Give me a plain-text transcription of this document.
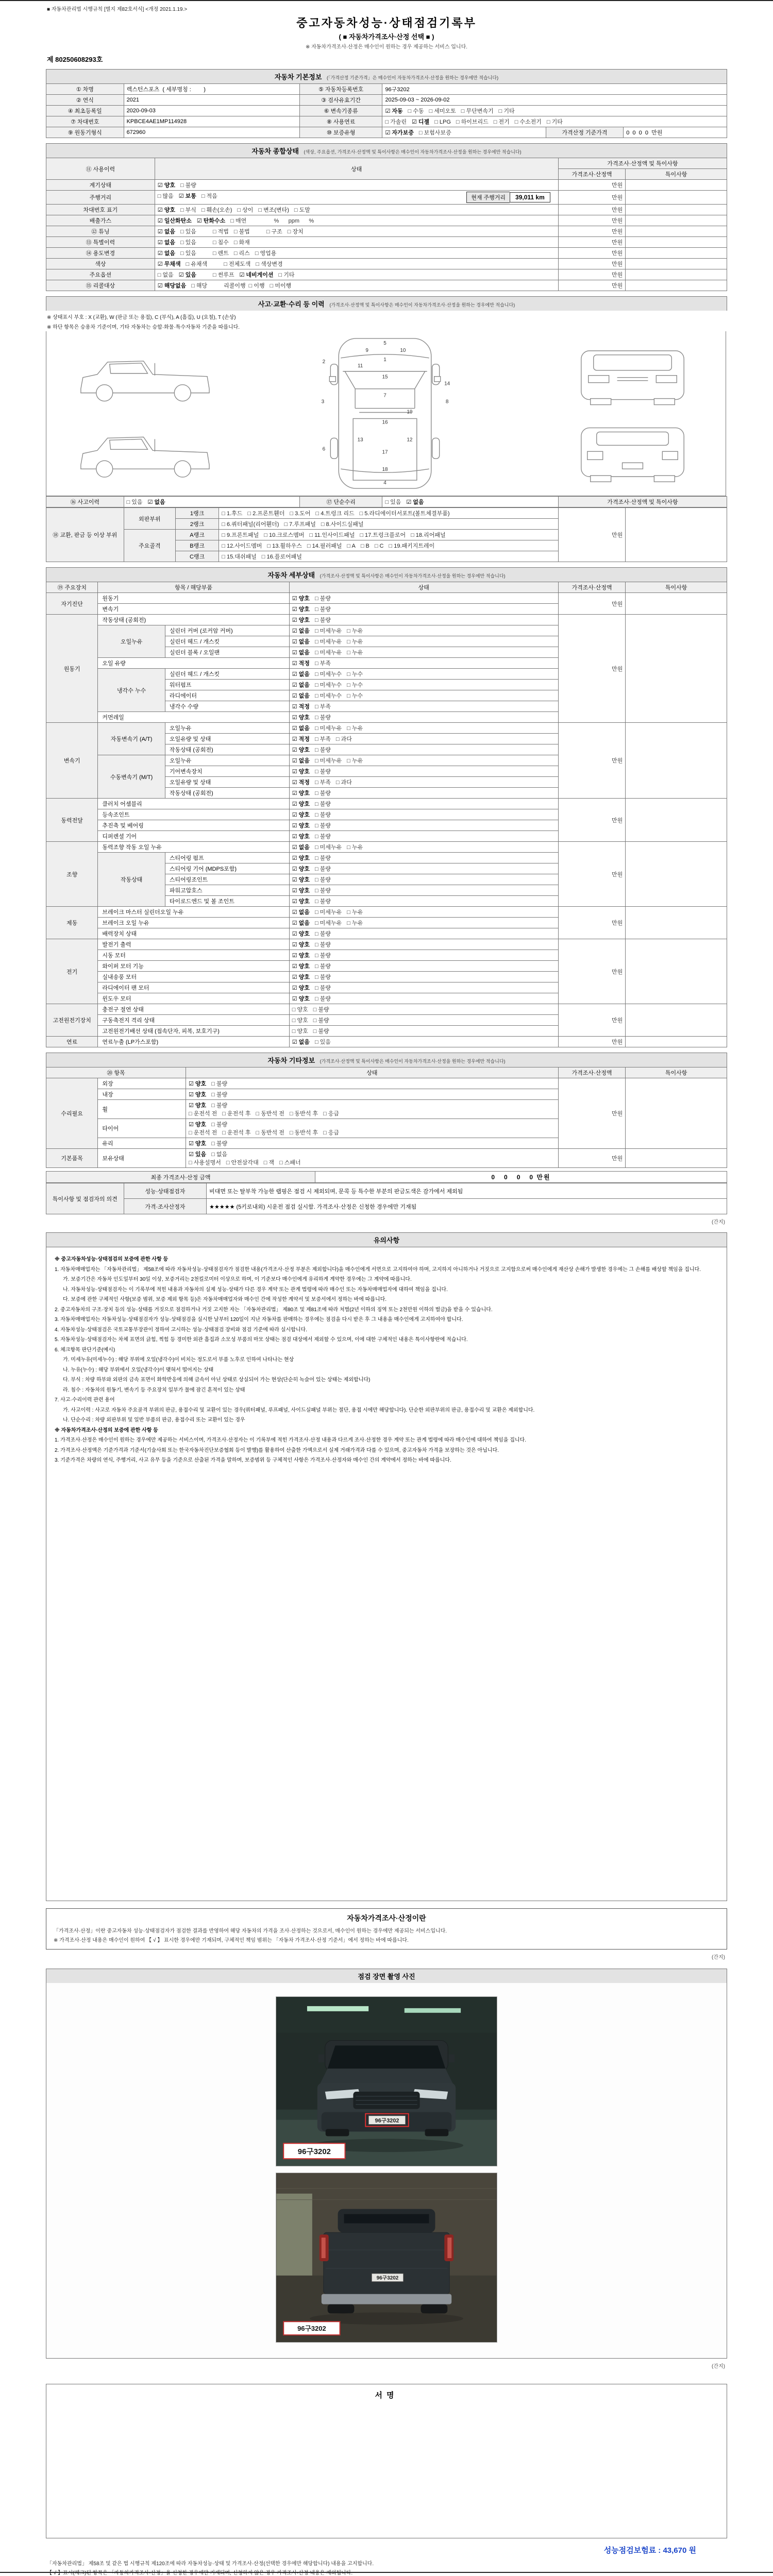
■ 자동차관리법 시행규칙 [별지 제82호서식] <개정 2021.1.19.>
중고자동차성능·상태점검기록부
( ■ 자동차가격조사·산정 선택 ■ )
※ 자동차가격조사·산정은 매수인이 원하는 경우 제공하는 서비스 입니다.
제 80250608293호
자동차 기본정보 (「가격산정 기준가격」은 매수인이 자동차가격조사·산정을 원하는 경우에만 적습니다)
① 차명	렉스턴스포츠  ( 세부명칭 :        )	⑤ 자동차등록번호	96구3202		
② 연식	2021	③ 검사유효기간	2025-09-03 ~ 2026-09-02		
④ 최초등록일	2020-09-03	⑥ 변속기종류	☑ 자동 □ 수동 □ 세미오토 □ 무단변속기 □ 기타		
⑦ 차대번호	KPBCE4AE1MP114928	⑧ 사용연료	□ 가솔린 ☑ 디젤 □ LPG □ 하이브리드 □ 전기 □ 수소전기 □ 기타		
⑨ 원동기형식	672960	⑩ 보증유형	☑ 자가보증 □ 보험사보증	가격산정 기준가격	0  0  0  0  만원
자동차 종합상태 (색상, 주요옵션, 가격조사·산정액 및 특이사항은 매수인이 자동차가격조사·산정을 원하는 경우에만 적습니다)
⑪ 사용이력	상태	가격조사·산정액 및 특이사항	
		가격조사·산정액	특이사항
계기상태	☑ 양호 □ 불량	만원	
주행거리	□ 많음 ☑ 보통 □ 적음 현재 주행거리 39,011 km	만원	
차대번호 표기	☑ 양호 □ 부식 □ 훼손(오손) □ 상이 □ 변조(변타) □ 도말	만원	
배출가스	☑ 일산화탄소 ☑ 탄화수소 □ 매연 %      ppm      %	만원	
⑫ 튜닝	☑ 없음 □ 있음 □ 적법 □ 불법 □ 구조 □ 장치	만원	
⑬ 특별이력	☑ 없음 □ 있음 □ 침수 □ 화재	만원	
⑭ 용도변경	☑ 없음 □ 있음 □ 렌트 □ 리스 □ 영업용	만원	
색상	☑ 무채색 □ 유채색 □ 전체도색 □ 색상변경	만원	
주요옵션	□ 없음 ☑ 있음 □ 썬루프 ☑ 네비게이션 □ 기타	만원	
⑮ 리콜대상	☑ 해당없음 □ 해당 리콜이행 □ 이행 □ 미이행	만원	
사고·교환·수리 등 이력 (가격조사·산정액 및 특이사항은 매수인이 자동차가격조사·산정을 원하는 경우에만 적습니다)
※ 상태표시 부호 : X (교환), W (판금 또는 용접), C (부식), A (흠집), U (요철), T (손상)
※ 하단 항목은 승용차 기준이며, 기타 자동차는 승합·화물·특수자동차 기준을 따릅니다.
1
2
3
4
5
6
7
8
9	10
11
12
13
14
15
16
17
18
19
⑯ 사고이력	□ 있음 ☑ 없음	⑰ 단순수리	□ 있음 ☑ 없음	가격조사·산정액 및 특이사항
⑱ 교환, 판금 등 이상 부위	외판부위	1랭크	□ 1.후드 □ 2.프론트휀더 □ 3.도어 □ 4.트렁크 리드 □ 5.라디에이터서포트(볼트체결부품)	만원	
		2랭크	□ 6.쿼터패널(리어휀더) □ 7.루프패널 □ 8.사이드실패널		
	주요골격	A랭크	□ 9.프론트패널 □ 10.크로스멤버 □ 11.인사이드패널 □ 17.트렁크플로어 □ 18.리어패널		
		B랭크	□ 12.사이드멤버 □ 13.휠하우스 □ 14.필러패널 □ A □ B □ C □ 19.패키지트레이		
		C랭크	□ 15.대쉬패널 □ 16.플로어패널		
자동차 세부상태 (가격조사·산정액 및 특이사항은 매수인이 자동차가격조사·산정을 원하는 경우에만 적습니다)
⑲ 주요장치	항목 / 해당부품		상태	가격조사·산정액	특이사항
자기진단	원동기		☑ 양호 □ 불량	만원	
	변속기		☑ 양호 □ 불량		
원동기	작동상태 (공회전)		☑ 양호 □ 불량	만원	
	오일누유	실린더 커버 (로커암 커버)	☑ 없음 □ 미세누유 □ 누유		
		실린더 헤드 / 개스킷	☑ 없음 □ 미세누유 □ 누유		
		실린더 블록 / 오일팬	☑ 없음 □ 미세누유 □ 누유		
	오일 유량		☑ 적정 □ 부족		
	냉각수 누수	실린더 헤드 / 개스킷	☑ 없음 □ 미세누수 □ 누수		
		워터펌프	☑ 없음 □ 미세누수 □ 누수		
		라디에이터	☑ 없음 □ 미세누수 □ 누수		
		냉각수 수량	☑ 적정 □ 부족		
	커먼레일		☑ 양호 □ 불량		
변속기	자동변속기 (A/T)	오일누유	☑ 없음 □ 미세누유 □ 누유	만원	
		오일유량 및 상태	☑ 적정 □ 부족 □ 과다		
		작동상태 (공회전)	☑ 양호 □ 불량		
	수동변속기 (M/T)	오일누유	☑ 없음 □ 미세누유 □ 누유		
		기어변속장치	☑ 양호 □ 불량		
		오일유량 및 상태	☑ 적정 □ 부족 □ 과다		
		작동상태 (공회전)	☑ 양호 □ 불량		
동력전달	클러치 어셈블리		☑ 양호 □ 불량	만원	
	등속조인트		☑ 양호 □ 불량		
	추진축 및 베어링		☑ 양호 □ 불량		
	디퍼렌셜 기어		☑ 양호 □ 불량		
조향	동력조향 작동 오일 누유		☑ 없음 □ 미세누유 □ 누유	만원	
	작동상태	스티어링 펌프	☑ 양호 □ 불량		
		스티어링 기어 (MDPS포함)	☑ 양호 □ 불량		
		스티어링조인트	☑ 양호 □ 불량		
		파워고압호스	☑ 양호 □ 불량		
		타이로드엔드 및 볼 조인트	☑ 양호 □ 불량		
제동	브레이크 마스터 실린더오일 누유		☑ 없음 □ 미세누유 □ 누유	만원	
	브레이크 오일 누유		☑ 없음 □ 미세누유 □ 누유		
	배력장치 상태		☑ 양호 □ 불량		
전기	발전기 출력		☑ 양호 □ 불량	만원	
	시동 모터		☑ 양호 □ 불량		
	와이퍼 모터 기능		☑ 양호 □ 불량		
	실내송풍 모터		☑ 양호 □ 불량		
	라디에이터 팬 모터		☑ 양호 □ 불량		
	윈도우 모터		☑ 양호 □ 불량		
고전원전기장치	충전구 절연 상태		□ 양호 □ 불량	만원	
	구동축전지 격리 상태		□ 양호 □ 불량		
	고전원전기배선 상태 (접속단자, 피복, 보호기구)		□ 양호 □ 불량		
연료	연료누출 (LP가스포함)		☑ 없음 □ 있음	만원	
자동차 기타정보 (가격조사·산정액 및 특이사항은 매수인이 자동차가격조사·산정을 원하는 경우에만 적습니다)
⑳ 항목		상태	가격조사·산정액	특이사항
수리필요	외장	☑ 양호 □ 불량	만원	
	내장	☑ 양호 □ 불량		
	휠	☑ 양호 □ 불량
□ 운전석 전 □ 운전석 후 □ 동반석 전 □ 동반석 후 □ 응급		
	타이어	☑ 양호 □ 불량
□ 운전석 전 □ 운전석 후 □ 동반석 전 □ 동반석 후 □ 응급		
	유리	☑ 양호 □ 불량		
기본품목	보유상태	☑ 있음 □ 없음
□ 사용설명서 □ 안전삼각대 □ 잭 □ 스패너	만원	
최종 가격조사·산정 금액	0   0   0   0 만원
특이사항 및 점검자의 의견	성능·상태점검자	비대면 또는 탈부착 가능한 랩핑은 점검 시 제외되며, 문콕 등 특수한 부분의 판금도색은 감가에서 제외됨
	가격·조사산정자	★★★★★ (5키로내외) 시운전 점검 실시함. 가격조사·산정은 신청한 경우에만 기재됨
(간지)
유의사항
※ 중고자동차성능·상태점검의 보증에 관한 사항 등
1. 자동차매매업자는 「자동차관리법」 제58조에 따라 자동차성능·상태점검자가 점검한 내용(가격조사·산정 부분은 제외합니다)을 매수인에게 서면으로 고지하여야 하며, 고지하지 아니하거나 거짓으로 고지함으로써 매수인에게 재산상 손해가 발생한 경우에는 그 손해를 배상할 책임을 집니다.
가. 보증기간은 자동차 인도일부터 30일 이상, 보증거리는 2천킬로미터 이상으로 하며, 이 기준보다 매수인에게 유리하게 계약한 경우에는 그 계약에 따릅니다.
나. 자동차성능·상태점검자는 이 기록부에 적힌 내용과 자동차의 실제 성능·상태가 다른 경우 계약 또는 관계 법령에 따라 매수인 또는 자동차매매업자에 대하여 책임을 집니다.
다. 보증에 관한 구체적인 사항(보증 범위, 보증 제외 항목 등)은 자동차매매업자와 매수인 간에 작성한 계약서 및 보증서에서 정하는 바에 따릅니다.
2. 중고자동차의 구조·장치 등의 성능·상태를 거짓으로 점검하거나 거짓 고지한 자는 「자동차관리법」 제80조 및 제81조에 따라 처벌(2년 이하의 징역 또는 2천만원 이하의 벌금)을 받을 수 있습니다.
3. 자동차매매업자는 자동차성능·상태점검자가 성능·상태점검을 실시한 날부터 120일이 지난 자동차를 판매하는 경우에는 점검을 다시 받은 후 그 내용을 매수인에게 고지하여야 합니다.
4. 자동차성능·상태점검은 국토교통부장관이 정하여 고시하는 성능·상태점검 장비와 점검 기준에 따라 실시합니다.
5. 자동차성능·상태점검자는 차체 표면의 긁힘, 찍힘 등 경미한 외관 흠집과 소모성 부품의 마모 상태는 점검 대상에서 제외할 수 있으며, 이에 대한 구체적인 내용은 특이사항란에 적습니다.
6. 체크항목 판단기준(예시)
가. 미세누유(미세누수) : 해당 부위에 오일(냉각수)이 비치는 정도로서 부품 노후로 인하여 나타나는 현상
나. 누유(누수) : 해당 부위에서 오일(냉각수)이 맺혀서 떨어지는 상태
다. 부식 : 차량 하부와 외판의 금속 표면이 화학반응에 의해 금속이 아닌 상태로 상실되어 가는 현상(단순히 녹슬어 있는 상태는 제외합니다)
라. 침수 : 자동차의 원동기, 변속기 등 주요장치 일부가 물에 잠긴 흔적이 있는 상태
7. 사고·수리이력 관련 용어
가. 사고이력 : 사고로 자동차 주요골격 부위의 판금, 용접수리 및 교환이 있는 경우(쿼터패널, 루프패널, 사이드실패널 부위는 절단, 용접 시에만 해당합니다). 단순한 외판부위의 판금, 용접수리 및 교환은 제외합니다.
나. 단순수리 : 차량 외판부위 및 일반 부품의 판금, 용접수리 또는 교환이 있는 경우
※ 자동차가격조사·산정의 보증에 관한 사항 등
1. 가격조사·산정은 매수인이 원하는 경우에만 제공하는 서비스이며, 가격조사·산정자는 이 기록부에 적힌 가격조사·산정 내용과 다르게 조사·산정한 경우 계약 또는 관계 법령에 따라 매수인에 대하여 책임을 집니다.
2. 가격조사·산정액은 기준가격과 기준서(기술사회 또는 한국자동차진단보증협회 등이 발행)를 활용하여 산출한 가액으로서 실제 거래가격과 다를 수 있으며, 중고자동차 가격을 보장하는 것은 아닙니다.
3. 기준가격은 차량의 연식, 주행거리, 사고 유무 등을 기준으로 산출된 가격을 말하며, 보증범위 등 구체적인 사항은 가격조사·산정자와 매수인 간의 계약에서 정하는 바에 따릅니다.
자동차가격조사·산정이란
「가격조사·산정」이란 중고자동차 성능·상태점검자가 점검한 결과를 반영하여 해당 자동차의 가격을 조사·산정하는 것으로서, 매수인이 원하는 경우에만 제공되는 서비스입니다.
※ 가격조사·산정 내용은 매수인이 원하여 【 √ 】 표시한 경우에만 기재되며, 구체적인 책임 범위는 「자동차 가격조사·산정 기준서」에서 정하는 바에 따릅니다.
(간지)
점검 장면 촬영 사진
96구3202
96구3202
96구3202
96구3202
(간지)
서명
성능점검보험료 : 43,670 원
「자동차관리법」 제58조 및 같은 법 시행규칙 제120조에 따라 자동차성능·상태 및 가격조사·산정(선택한 경우에만 해당합니다) 내용을 고지합니다.
【 √ 】표시(체크)된 항목은 「자동차가격조사·산정」을 신청한 경우에만 기재되며, 신청하지 않은 경우 가격조사·산정 내용은 제외됩니다.
